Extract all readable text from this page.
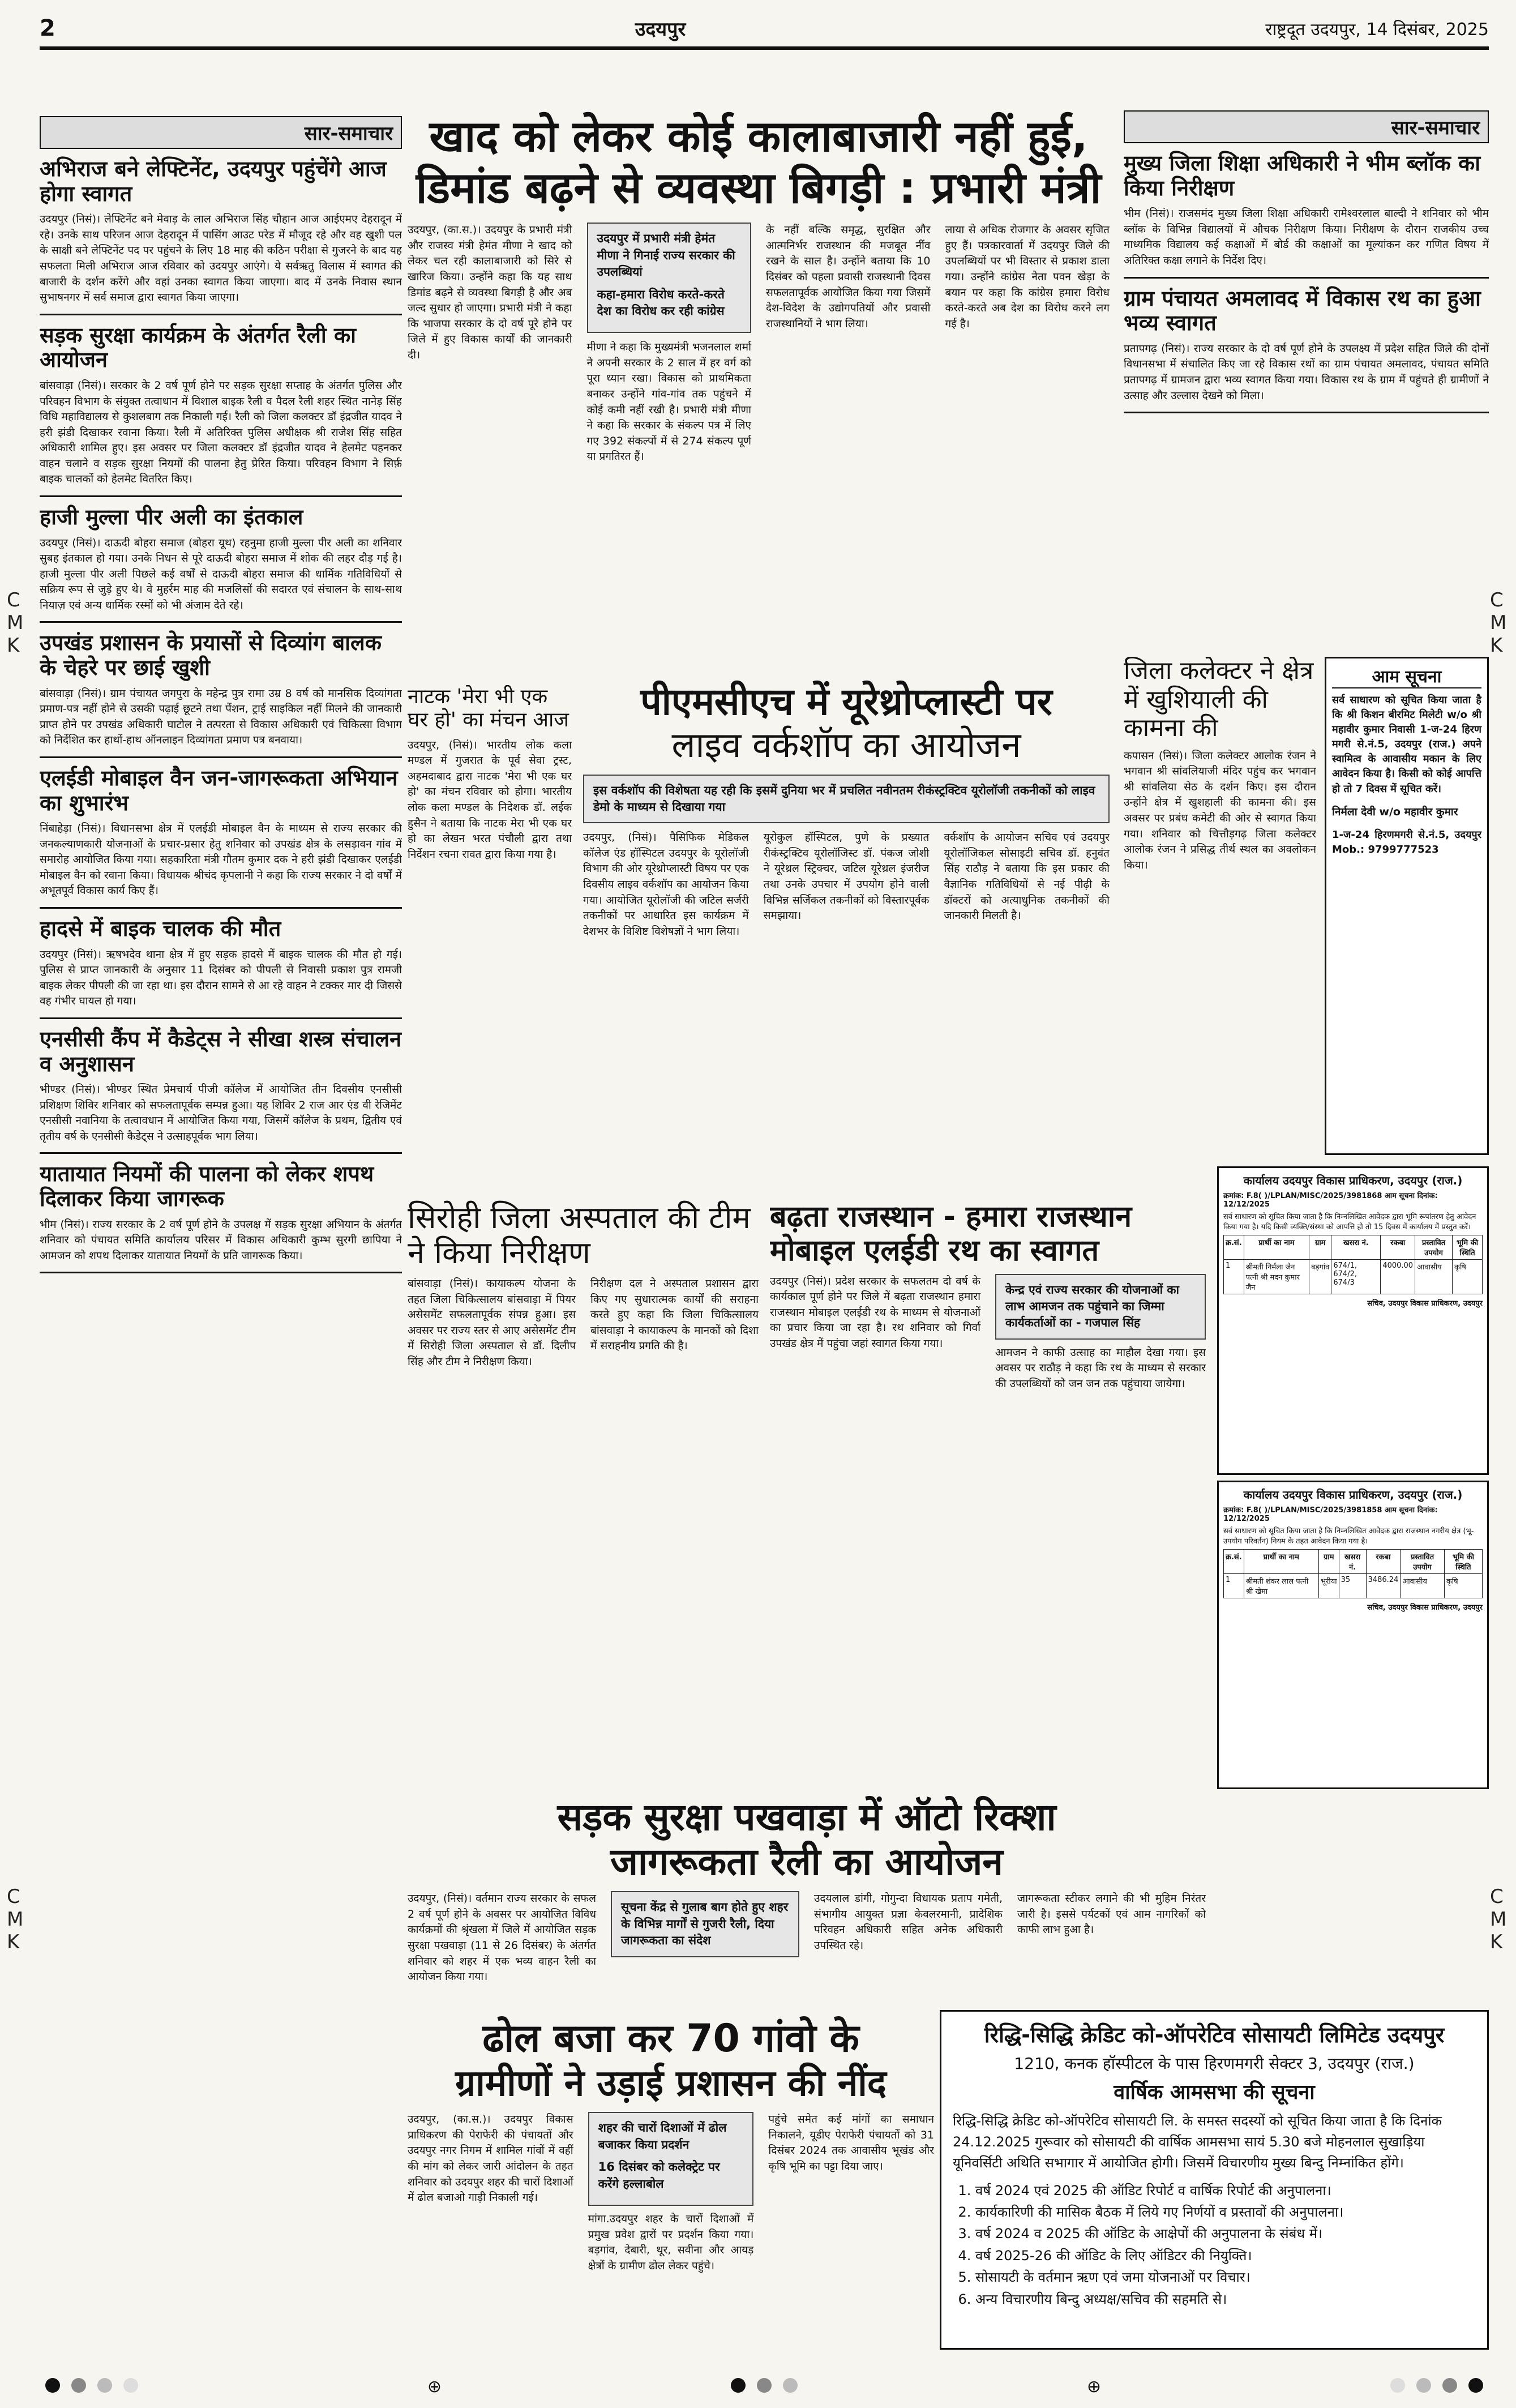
2	उदयपुर	राष्ट्रदूत उदयपुर, 14 दिसंबर, 2025
C
M
K
C
M
K
C
M
K
C
M
K
सार-समाचार
अभिराज बने लेफ्टिनेंट, उदयपुर पहुंचेंगे आज होगा स्वागत

उदयपुर (निसं)। लेफ्टिनेंट बने मेवाड़ के लाल अभिराज सिंह चौहान आज आईएमए देहरादून में रहे। उनके साथ परिजन आज देहरादून में पासिंग आउट परेड में मौजूद रहे और वह खुशी पल के साक्षी बने लेफ्टिनेंट पद पर पहुंचने के लिए 18 माह की कठिन परीक्षा से गुजरने के बाद यह सफलता मिली अभिराज आज रविवार को उदयपुर आएंगे। ये सर्वऋतु विलास में स्वागत की बाजारी के दर्शन करेंगे और वहां उनका स्वागत किया जाएगा। बाद में उनके निवास स्थान सुभाषनगर में सर्व समाज द्वारा स्वागत किया जाएगा।

सड़क सुरक्षा कार्यक्रम के अंतर्गत रैली का आयोजन

बांसवाड़ा (निसं)। सरकार के 2 वर्ष पूर्ण होने पर सड़क सुरक्षा सप्ताह के अंतर्गत पुलिस और परिवहन विभाग के संयुक्त तत्वाधान में विशाल बाइक रैली व पैदल रैली शहर स्थित नानेड़ सिंह विधि महाविद्यालय से कुशलबाग तक निकाली गई। रैली को जिला कलक्टर डॉ इंद्रजीत यादव ने हरी झंडी दिखाकर रवाना किया। रैली में अतिरिक्त पुलिस अधीक्षक श्री राजेश सिंह सहित अधिकारी शामिल हुए। इस अवसर पर जिला कलक्टर डॉ इंद्रजीत यादव ने हेलमेट पहनकर वाहन चलाने व सड़क सुरक्षा नियमों की पालना हेतु प्रेरित किया। परिवहन विभाग ने सिर्फ़ बाइक चालकों को हेलमेट वितरित किए।

हाजी मुल्ला पीर अली का इंतकाल

उदयपुर (निसं)। दाऊदी बोहरा समाज (बोहरा यूथ) रहनुमा हाजी मुल्ला पीर अली का शनिवार सुबह इंतकाल हो गया। उनके निधन से पूरे दाऊदी बोहरा समाज में शोक की लहर दौड़ गई है। हाजी मुल्ला पीर अली पिछले कई वर्षों से दाऊदी बोहरा समाज की धार्मिक गतिविधियों से सक्रिय रूप से जुड़े हुए थे। वे मुहर्रम माह की मजलिसों की सदारत एवं संचालन के साथ-साथ नियाज़ एवं अन्य धार्मिक रस्मों को भी अंजाम देते रहे।

उपखंड प्रशासन के प्रयासों से दिव्यांग बालक के चेहरे पर छाई खुशी

बांसवाड़ा (निसं)। ग्राम पंचायत जगपुरा के महेन्द्र पुत्र रामा उम्र 8 वर्ष को मानसिक दिव्यांगता प्रमाण-पत्र नहीं होने से उसकी पढ़ाई छूटने तथा पेंशन, ट्राई साइकिल नहीं मिलने की जानकारी प्राप्त होने पर उपखंड अधिकारी घाटोल ने तत्परता से विकास अधिकारी एवं चिकित्सा विभाग को निर्देशित कर हाथों-हाथ ऑनलाइन दिव्यांगता प्रमाण पत्र बनवाया।

एलईडी मोबाइल वैन जन-जागरूकता अभियान का शुभारंभ

निंबाहेड़ा (निसं)। विधानसभा क्षेत्र में एलईडी मोबाइल वैन के माध्यम से राज्य सरकार की जनकल्याणकारी योजनाओं के प्रचार-प्रसार हेतु शनिवार को उपखंड क्षेत्र के लसड़ावन गांव में समारोह आयोजित किया गया। सहकारिता मंत्री गौतम कुमार दक ने हरी झंडी दिखाकर एलईडी मोबाइल वैन को रवाना किया। विधायक श्रीचंद कृपलानी ने कहा कि राज्य सरकार ने दो वर्षों में अभूतपूर्व विकास कार्य किए हैं।

हादसे में बाइक चालक की मौत

उदयपुर (निसं)। ऋषभदेव थाना क्षेत्र में हुए सड़क हादसे में बाइक चालक की मौत हो गई। पुलिस से प्राप्त जानकारी के अनुसार 11 दिसंबर को पीपली से निवासी प्रकाश पुत्र रामजी बाइक लेकर पीपली की जा रहा था। इस दौरान सामने से आ रहे वाहन ने टक्कर मार दी जिससे वह गंभीर घायल हो गया।

एनसीसी कैंप में कैडेट्स ने सीखा शस्त्र संचालन व अनुशासन

भीण्डर (निसं)। भीण्डर स्थित प्रेमचार्य पीजी कॉलेज में आयोजित तीन दिवसीय एनसीसी प्रशिक्षण शिविर शनिवार को सफलतापूर्वक सम्पन्न हुआ। यह शिविर 2 राज आर एंड वी रेजिमेंट एनसीसी नवानिया के तत्वावधान में आयोजित किया गया, जिसमें कॉलेज के प्रथम, द्वितीय एवं तृतीय वर्ष के एनसीसी कैडेट्स ने उत्साहपूर्वक भाग लिया।

यातायात नियमों की पालना को लेकर शपथ दिलाकर किया जागरूक

भीम (निसं)। राज्य सरकार के 2 वर्ष पूर्ण होने के उपलक्ष में सड़क सुरक्षा अभियान के अंतर्गत शनिवार को पंचायत समिति कार्यालय परिसर में विकास अधिकारी कुम्भ सुरगी छापिया ने आमजन को शपथ दिलाकर यातायात नियमों के प्रति जागरूक किया।

खाद को लेकर कोई कालाबाजारी नहीं हुई,
डिमांड बढ़ने से व्यवस्था बिगड़ी : प्रभारी मंत्री

उदयपुर, (का.स.)। उदयपुर के प्रभारी मंत्री और राजस्व मंत्री हेमंत मीणा ने खाद को लेकर चल रही कालाबाजारी को सिरे से खारिज किया। उन्होंने कहा कि यह साथ डिमांड बढ़ने से व्यवस्था बिगड़ी है और अब जल्द सुधार हो जाएगा। प्रभारी मंत्री ने कहा कि भाजपा सरकार के दो वर्ष पूरे होने पर जिले में हुए विकास कार्यों की जानकारी दी।

उदयपुर में प्रभारी मंत्री हेमंत मीणा ने गिनाई राज्य सरकार की उपलब्धियां
कहा-हमारा विरोध करते-करते देश का विरोध कर रही कांग्रेस

मीणा ने कहा कि मुख्यमंत्री भजनलाल शर्मा ने अपनी सरकार के 2 साल में हर वर्ग को पूरा ध्यान रखा। विकास को प्राथमिकता बनाकर उन्होंने गांव-गांव तक पहुंचने में कोई कमी नहीं रखी है। प्रभारी मंत्री मीणा ने कहा कि सरकार के संकल्प पत्र में लिए गए 392 संकल्पों में से 274 संकल्प पूर्ण या प्रगतिरत हैं।

के नहीं बल्कि समृद्ध, सुरक्षित और आत्मनिर्भर राजस्थान की मजबूत नींव रखने के साल है। उन्होंने बताया कि 10 दिसंबर को पहला प्रवासी राजस्थानी दिवस सफलतापूर्वक आयोजित किया गया जिसमें देश-विदेश के उद्योगपतियों और प्रवासी राजस्थानियों ने भाग लिया।

लाया से अधिक रोजगार के अवसर सृजित हुए हैं। पत्रकारवार्ता में उदयपुर जिले की उपलब्धियों पर भी विस्तार से प्रकाश डाला गया। उन्होंने कांग्रेस नेता पवन खेड़ा के बयान पर कहा कि कांग्रेस हमारा विरोध करते-करते अब देश का विरोध करने लग गई है।

सार-समाचार
मुख्य जिला शिक्षा अधिकारी ने भीम ब्लॉक का किया निरीक्षण

भीम (निसं)। राजसमंद मुख्य जिला शिक्षा अधिकारी रामेश्वरलाल बाल्दी ने शनिवार को भीम ब्लॉक के विभिन्न विद्यालयों में औचक निरीक्षण किया। निरीक्षण के दौरान राजकीय उच्च माध्यमिक विद्यालय कई कक्षाओं में बोर्ड की कक्षाओं का मूल्यांकन कर गणित विषय में अतिरिक्त कक्षा लगाने के निर्देश दिए।

ग्राम पंचायत अमलावद में विकास रथ का हुआ भव्य स्वागत

प्रतापगढ़ (निसं)। राज्य सरकार के दो वर्ष पूर्ण होने के उपलक्ष्य में प्रदेश सहित जिले की दोनों विधानसभा में संचालित किए जा रहे विकास रथों का ग्राम पंचायत अमलावद, पंचायत समिति प्रतापगढ़ में ग्रामजन द्वारा भव्य स्वागत किया गया। विकास रथ के ग्राम में पहुंचते ही ग्रामीणों ने उत्साह और उल्लास देखने को मिला।

नाटक 'मेरा भी एक घर हो' का मंचन आज

उदयपुर, (निसं)। भारतीय लोक कला मण्डल में गुजरात के पूर्व सेवा ट्रस्ट, अहमदाबाद द्वारा नाटक 'मेरा भी एक घर हो' का मंचन रविवार को होगा। भारतीय लोक कला मण्डल के निदेशक डॉ. लईक हुसैन ने बताया कि नाटक मेरा भी एक घर हो का लेखन भरत पंचौली द्वारा तथा निर्देशन रचना रावत द्वारा किया गया है।

पीएमसीएच में यूरेथ्रोप्लास्टी पर
लाइव वर्कशॉप का आयोजन
इस वर्कशॉप की विशेषता यह रही कि इसमें दुनिया भर में प्रचलित नवीनतम रीकंस्ट्रक्टिव यूरोलॉजी तकनीकों को लाइव डेमो के माध्यम से दिखाया गया

उदयपुर, (निसं)। पैसिफिक मेडिकल कॉलेज एंड हॉस्पिटल उदयपुर के यूरोलॉजी विभाग की ओर यूरेथ्रोप्लास्टी विषय पर एक दिवसीय लाइव वर्कशॉप का आयोजन किया गया। आयोजित यूरोलॉजी की जटिल सर्जरी तकनीकों पर आधारित इस कार्यक्रम में देशभर के विशिष्ट विशेषज्ञों ने भाग लिया।

यूरोकुल हॉस्पिटल, पुणे के प्रख्यात रीकंस्ट्रक्टिव यूरोलॉजिस्ट डॉ. पंकज जोशी ने यूरेथ्रल स्ट्रिक्चर, जटिल यूरेथ्रल इंजरीज तथा उनके उपचार में उपयोग होने वाली विभिन्न सर्जिकल तकनीकों को विस्तारपूर्वक समझाया।

वर्कशॉप के आयोजन सचिव एवं उदयपुर यूरोलॉजिकल सोसाइटी सचिव डॉ. हनुवंत सिंह राठौड़ ने बताया कि इस प्रकार की वैज्ञानिक गतिविधियों से नई पीढ़ी के डॉक्टरों को अत्याधुनिक तकनीकों की जानकारी मिलती है।

जिला कलेक्टर ने क्षेत्र में खुशियाली की कामना की

कपासन (निसं)। जिला कलेक्टर आलोक रंजन ने भगवान श्री सांवलियाजी मंदिर पहुंच कर भगवान श्री सांवलिया सेठ के दर्शन किए। इस दौरान उन्होंने क्षेत्र में खुशहाली की कामना की। इस अवसर पर प्रबंध कमेटी की ओर से स्वागत किया गया। शनिवार को चित्तौड़गढ़ जिला कलेक्टर आलोक रंजन ने प्रसिद्ध तीर्थ स्थल का अवलोकन किया।

आम सूचना

सर्व साधारण को सूचित किया जाता है कि श्री किशन बीरमिट मिलेटी w/o श्री महावीर कुमार निवासी 1-ज-24 हिरण मगरी से.नं.5, उदयपुर (राज.) अपने स्वामित्व के आवासीय मकान के लिए आवेदन किया है। किसी को कोई आपत्ति हो तो 7 दिवस में सूचित करें।

निर्मला देवी w/o महावीर कुमार

1-ज-24 हिरणमगरी से.नं.5, उदयपुर Mob.: 9799777523

सिरोही जिला अस्पताल की टीम ने किया निरीक्षण

बांसवाड़ा (निसं)। कायाकल्प योजना के तहत जिला चिकित्सालय बांसवाड़ा में पियर असेसमेंट सफलतापूर्वक संपन्न हुआ। इस अवसर पर राज्य स्तर से आए असेसमेंट टीम में सिरोही जिला अस्पताल से डॉ. दिलीप सिंह और टीम ने निरीक्षण किया।

निरीक्षण दल ने अस्पताल प्रशासन द्वारा किए गए सुधारात्मक कार्यों की सराहना करते हुए कहा कि जिला चिकित्सालय बांसवाड़ा ने कायाकल्प के मानकों को दिशा में सराहनीय प्रगति की है।

बढ़ता राजस्थान - हमारा राजस्थान मोबाइल एलईडी रथ का स्वागत

उदयपुर (निसं)। प्रदेश सरकार के सफलतम दो वर्ष के कार्यकाल पूर्ण होने पर जिले में बढ़ता राजस्थान हमारा राजस्थान मोबाइल एलईडी रथ के माध्यम से योजनाओं का प्रचार किया जा रहा है। रथ शनिवार को गिर्वा उपखंड क्षेत्र में पहुंचा जहां स्वागत किया गया।

केन्द्र एवं राज्य सरकार की योजनाओं का लाभ आमजन तक पहुंचाने का जिम्मा कार्यकर्ताओं का - गजपाल सिंह

आमजन ने काफी उत्साह का माहौल देखा गया। इस अवसर पर राठौड़ ने कहा कि रथ के माध्यम से सरकार की उपलब्धियों को जन जन तक पहुंचाया जायेगा।

कार्यालय उदयपुर विकास प्राधिकरण, उदयपुर (राज.)
क्रमांक: F.8( )/LPLAN/MISC/2025/3981868 आम सूचना दिनांक: 12/12/2025
सर्व साधारण को सूचित किया जाता है कि निम्नलिखित आवेदक द्वारा भूमि रूपांतरण हेतु आवेदन किया गया है। यदि किसी व्यक्ति/संस्था को आपत्ति हो तो 15 दिवस में कार्यालय में प्रस्तुत करें।
क्र.सं.	प्रार्थी का नाम	ग्राम	खसरा नं.	रकबा	प्रस्तावित उपयोग	भूमि की स्थिति
1	श्रीमती निर्मला जैन पत्नी श्री मदन कुमार जैन	बड़गांव	674/1, 674/2, 674/3	4000.00	आवासीय	कृषि
सचिव, उदयपुर विकास प्राधिकरण, उदयपुर
कार्यालय उदयपुर विकास प्राधिकरण, उदयपुर (राज.)
क्रमांक: F.8( )/LPLAN/MISC/2025/3981858 आम सूचना दिनांक: 12/12/2025
सर्व साधारण को सूचित किया जाता है कि निम्नलिखित आवेदक द्वारा राजस्थान नगरीय क्षेत्र (भू-उपयोग परिवर्तन) नियम के तहत आवेदन किया गया है।
क्र.सं.	प्रार्थी का नाम	ग्राम	खसरा नं.	रकबा	प्रस्तावित उपयोग	भूमि की स्थिति
1	श्रीमती शंकर लाल पत्नी श्री खेमा	भूरीया	35	3486.24	आवासीय	कृषि
सचिव, उदयपुर विकास प्राधिकरण, उदयपुर
सड़क सुरक्षा पखवाड़ा में ऑटो रिक्शा
जागरूकता रैली का आयोजन

उदयपुर, (निसं)। वर्तमान राज्य सरकार के सफल 2 वर्ष पूर्ण होने के अवसर पर आयोजित विविध कार्यक्रमों की श्रृंखला में जिले में आयोजित सड़क सुरक्षा पखवाड़ा (11 से 26 दिसंबर) के अंतर्गत शनिवार को शहर में एक भव्य वाहन रैली का आयोजन किया गया।

सूचना केंद्र से गुलाब बाग होते हुए शहर के विभिन्न मार्गों से गुजरी रैली, दिया जागरूकता का संदेश

उदयलाल डांगी, गोगुन्दा विधायक प्रताप गमेती, संभागीय आयुक्त प्रज्ञा केवलरमानी, प्रादेशिक परिवहन अधिकारी सहित अनेक अधिकारी उपस्थित रहे।

जागरूकता स्टीकर लगाने की भी मुहिम निरंतर जारी है। इससे पर्यटकों एवं आम नागरिकों को काफी लाभ हुआ है।

ढोल बजा कर 70 गांवो के
ग्रामीणों ने उड़ाई प्रशासन की नींद

उदयपुर, (का.स.)। उदयपुर विकास प्राधिकरण की पेराफेरी की पंचायतों और उदयपुर नगर निगम में शामिल गांवों में वहीं की मांग को लेकर जारी आंदोलन के तहत शनिवार को उदयपुर शहर की चारों दिशाओं में ढोल बजाओ गाड़ी निकाली गई।

शहर की चारों दिशाओं में ढोल बजाकर किया प्रदर्शन
16 दिसंबर को कलेक्ट्रेट पर करेंगे हल्लाबोल

मांगा.उदयपुर शहर के चारों दिशाओं में प्रमुख प्रवेश द्वारों पर प्रदर्शन किया गया। बड़गांव, देबारी, थूर, सवीना और आयड़ क्षेत्रों के ग्रामीण ढोल लेकर पहुंचे।

पहुंचे समेत कई मांगों का समाधान निकालने, यूडीए पेराफेरी पंचायतों को 31 दिसंबर 2024 तक आवासीय भूखंड और कृषि भूमि का पट्टा दिया जाए।

रिद्धि-सिद्धि क्रेडिट को-ऑपरेटिव सोसायटी लिमिटेड उदयपुर
1210, कनक हॉस्पीटल के पास हिरणमगरी सेक्टर 3, उदयपुर (राज.)
वार्षिक आमसभा की सूचना

रिद्धि-सिद्धि क्रेडिट को-ऑपरेटिव सोसायटी लि. के समस्त सदस्यों को सूचित किया जाता है कि दिनांक 24.12.2025 गुरूवार को सोसायटी की वार्षिक आमसभा सायं 5.30 बजे मोहनलाल सुखाड़िया यूनिवर्सिटी अथिति सभागार में आयोजित होगी। जिसमें विचारणीय मुख्य बिन्दु निम्नांकित होंगे।

1. वर्ष 2024 एवं 2025 की ऑडिट रिपोर्ट व वार्षिक रिपोर्ट की अनुपालना।
2. कार्यकारिणी की मासिक बैठक में लिये गए निर्णयों व प्रस्तावों की अनुपालना।
3. वर्ष 2024 व 2025 की ऑडिट के आक्षेपों की अनुपालना के संबंध में।
4. वर्ष 2025-26 की ऑडिट के लिए ऑडिटर की नियुक्ति।
5. सोसायटी के वर्तमान ऋण एवं जमा योजनाओं पर विचार।
6. अन्य विचारणीय बिन्दु अध्यक्ष/सचिव की सहमति से।
⊕	⊕
